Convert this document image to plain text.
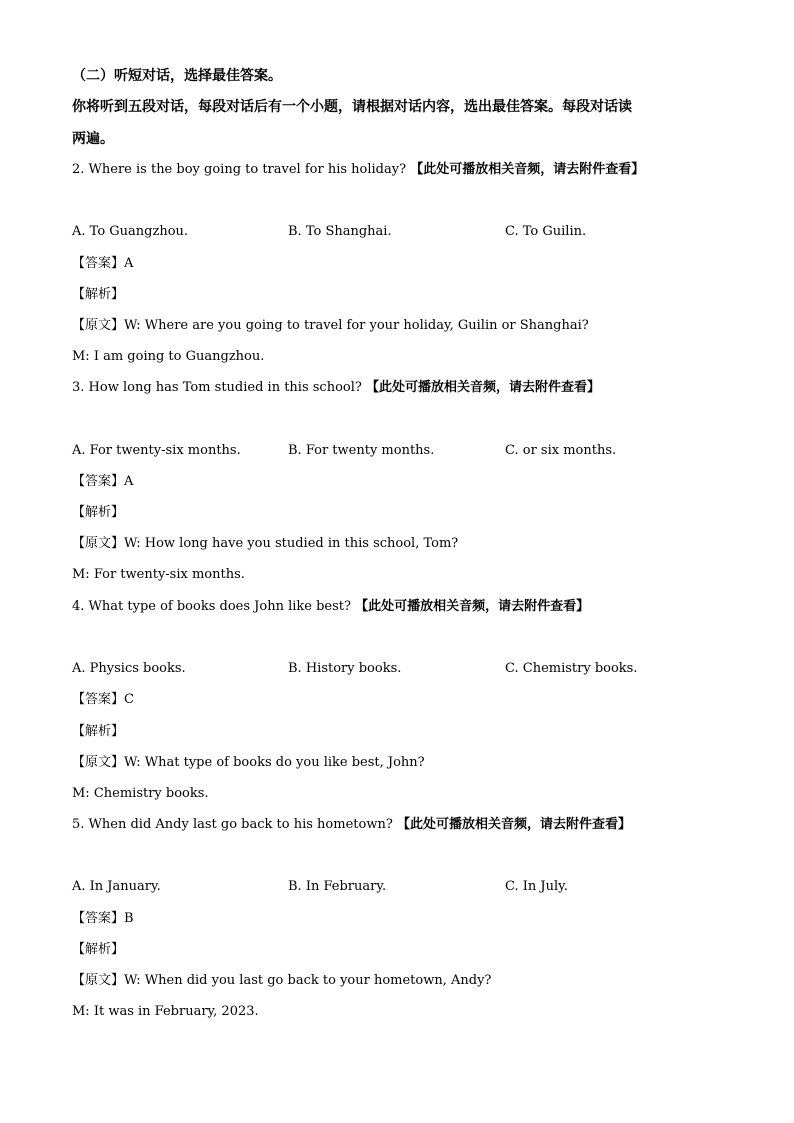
（二）听短对话，选择最佳答案。
你将听到五段对话，每段对话后有一个小题，请根据对话内容，选出最佳答案。每段对话读
两遍。
2. Where is the boy going to travel for his holiday? 【此处可播放相关音频，请去附件查看】
A. To Guangzhou.	B. To Shanghai.	C. To Guilin.
【答案】A
【解析】
【原文】W: Where are you going to travel for your holiday, Guilin or Shanghai?
M: I am going to Guangzhou.
3. How long has Tom studied in this school? 【此处可播放相关音频，请去附件查看】
A. For twenty-six months.	B. For twenty months.	C. or six months.
【答案】A
【解析】
【原文】W: How long have you studied in this school, Tom?
M: For twenty-six months.
4. What type of books does John like best? 【此处可播放相关音频，请去附件查看】
A. Physics books.	B. History books.	C. Chemistry books.
【答案】C
【解析】
【原文】W: What type of books do you like best, John?
M: Chemistry books.
5. When did Andy last go back to his hometown? 【此处可播放相关音频，请去附件查看】
A. In January.	B. In February.	C. In July.
【答案】B
【解析】
【原文】W: When did you last go back to your hometown, Andy?
M: It was in February, 2023.
